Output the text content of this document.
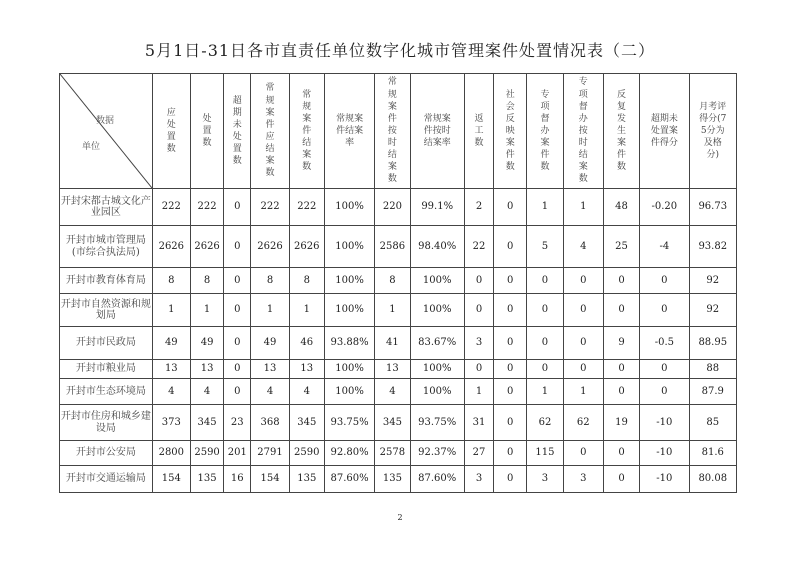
5月1日-31日各市直责任单位数字化城市管理案件处置情况表（二）
数据
单位	应处置数	处置数	超期未处置数	常规案件应结案数	常规案件结案数	常规案件结案率	常规案件按时结案数	常规案件按时结案率	返工数	社会反映案件数	专项督办案件数	专项督办按时结案数	反复发生案件数	超期未处置案件得分	月考评得分(75分为及格分)
开封宋都古城文化产业园区	222	222	0	222	222	100%	220	99.1%	2	0	1	1	48	-0.20	96.73
开封市城市管理局(市综合执法局)	2626	2626	0	2626	2626	100%	2586	98.40%	22	0	5	4	25	-4	93.82
开封市教育体育局	8	8	0	8	8	100%	8	100%	0	0	0	0	0	0	92
开封市自然资源和规划局	1	1	0	1	1	100%	1	100%	0	0	0	0	0	0	92
开封市民政局	49	49	0	49	46	93.88%	41	83.67%	3	0	0	0	9	-0.5	88.95
开封市粮业局	13	13	0	13	13	100%	13	100%	0	0	0	0	0	0	88
开封市生态环境局	4	4	0	4	4	100%	4	100%	1	0	1	1	0	0	87.9
开封市住房和城乡建设局	373	345	23	368	345	93.75%	345	93.75%	31	0	62	62	19	-10	85
开封市公安局	2800	2590	201	2791	2590	92.80%	2578	92.37%	27	0	115	0	0	-10	81.6
开封市交通运输局	154	135	16	154	135	87.60%	135	87.60%	3	0	3	3	0	-10	80.08
2
